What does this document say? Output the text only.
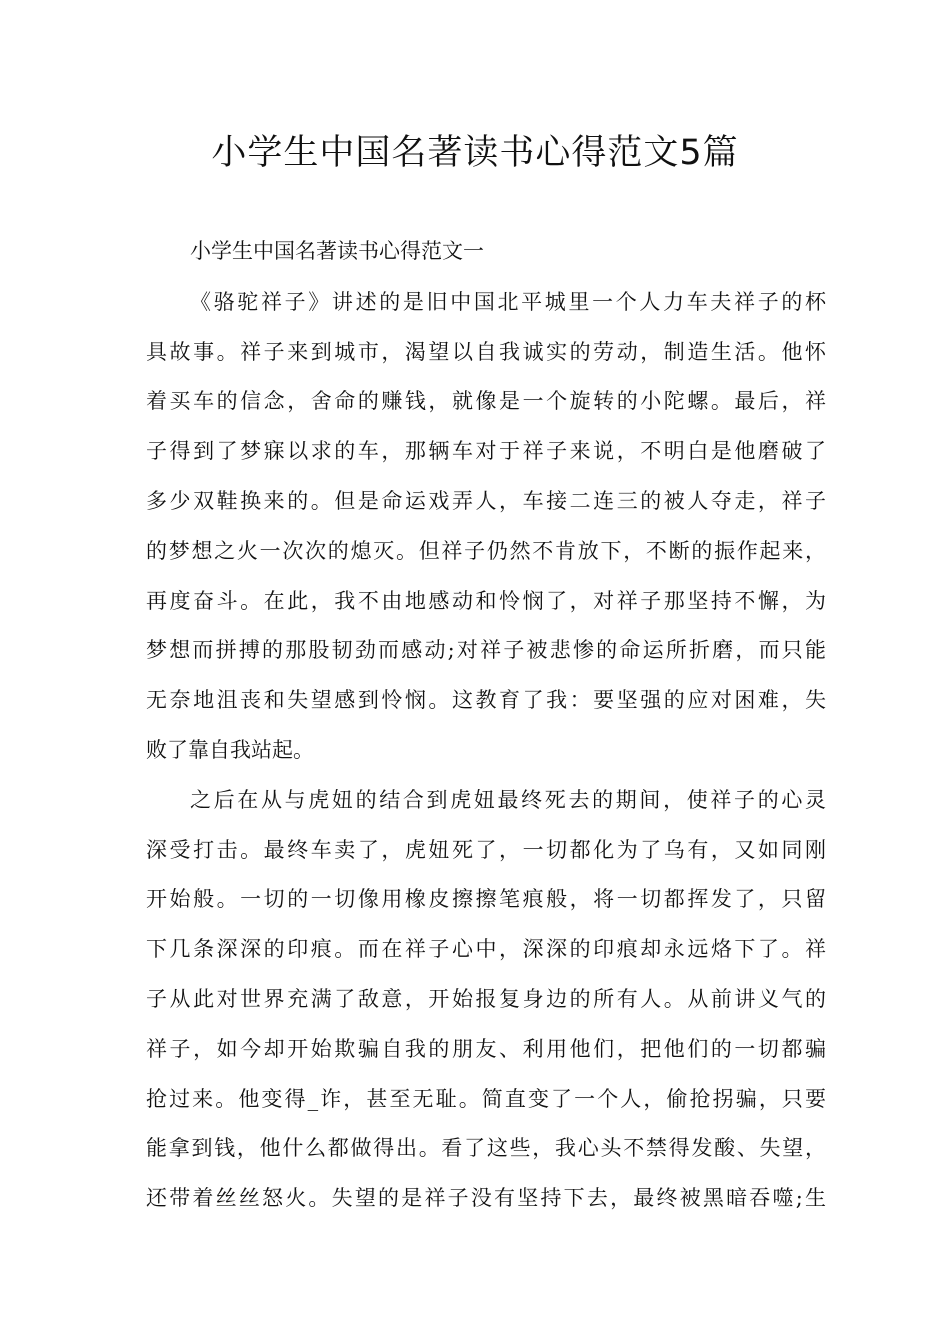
小学生中国名著读书心得范文5篇
小学生中国名著读书心得范文一
《骆驼祥子》讲述的是旧中国北平城里一个人力车夫祥子的杯
具故事。祥子来到城市，渴望以自我诚实的劳动，制造生活。他怀
着买车的信念，舍命的赚钱，就像是一个旋转的小陀螺。最后，祥
子得到了梦寐以求的车，那辆车对于祥子来说，不明白是他磨破了
多少双鞋换来的。但是命运戏弄人，车接二连三的被人夺走，祥子
的梦想之火一次次的熄灭。但祥子仍然不肯放下，不断的振作起来，
再度奋斗。在此，我不由地感动和怜悯了，对祥子那坚持不懈，为
梦想而拼搏的那股韧劲而感动;对祥子被悲惨的命运所折磨，而只能
无奈地沮丧和失望感到怜悯。这教育了我：要坚强的应对困难，失
败了靠自我站起。
之后在从与虎妞的结合到虎妞最终死去的期间，使祥子的心灵
深受打击。最终车卖了，虎妞死了，一切都化为了乌有，又如同刚
开始般。一切的一切像用橡皮擦擦笔痕般，将一切都挥发了，只留
下几条深深的印痕。而在祥子心中，深深的印痕却永远烙下了。祥
子从此对世界充满了敌意，开始报复身边的所有人。从前讲义气的
祥子，如今却开始欺骗自我的朋友、利用他们，把他们的一切都骗
抢过来。他变得_诈，甚至无耻。简直变了一个人，偷抢拐骗，只要
能拿到钱，他什么都做得出。看了这些，我心头不禁得发酸、失望，
还带着丝丝怒火。失望的是祥子没有坚持下去，最终被黑暗吞噬;生
